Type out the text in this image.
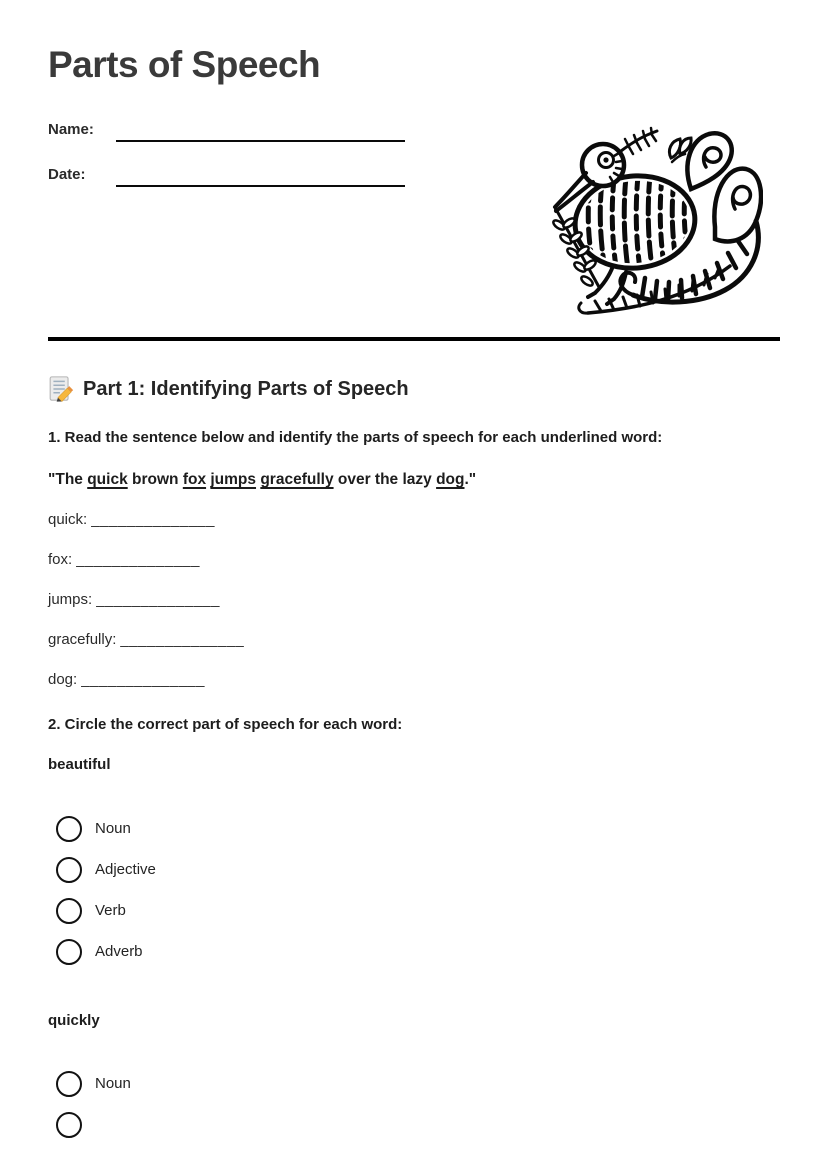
Parts of Speech
Name:
Date:
Part 1: Identifying Parts of Speech

1. Read the sentence below and identify the parts of speech for each underlined word:

"The quick brown fox jumps gracefully over the lazy dog."

quick: ______________

fox: ______________

jumps: ______________

gracefully: ______________

dog: ______________

2. Circle the correct part of speech for each word:

beautiful

Noun
Adjective
Verb
Adverb

quickly

Noun
